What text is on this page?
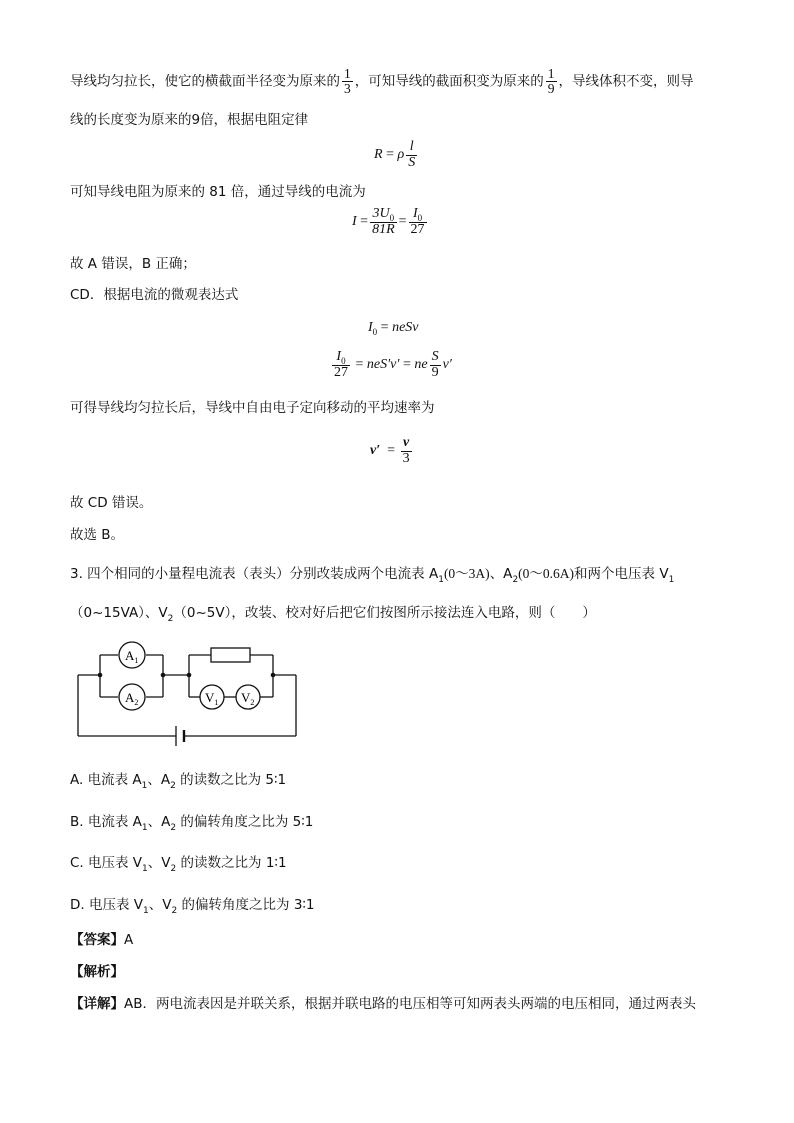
导线均匀拉长，使它的横截面半径变为原来的 $\frac{1}{3}$ ，可知导线的截面积变为原来的 $\frac{1}{9}$ ，导线体积不变，则导
线的长度变为原来的9倍，根据电阻定律
R
=
ρ $\frac{l}{S}$
可知导线电阻为原来的 81 倍，通过导线的电流为
I
= $\frac{3U_0}{81R} = \frac{I_0}{27}$
故 A 错误，B 正确；
CD．根据电流的微观表达式
I 0
=
neSv
$\frac{I_0}{27}$
=
neS′v′
=
ne $\frac{S}{9} v'$
可得导线均匀拉长后，导线中自由电子定向移动的平均速率为
v′
=
$\frac{v}{3}$
故 CD 错误。
故选 B。
3. 四个相同的小量程电流表（表头）分别改装成两个电流表 $A_1(0\sim 3A)$、$A_2(0\sim 0.6A)$和两个电压表 $V_1$
（0~15VA）、$V_2(0\sim 5V)$，改装、校对好后把它们按图所示接法连入电路，则（　　）
$A_1$
$A_2$	$V_1$ $V_2$
A. 电流表 $A_1$、$A_2$ 的读数之比为 5∶1
B. 电流表 $A_1$、$A_2$ 的偏转角度之比为 5∶1
C. 电压表 $V_1$、$V_2$ 的读数之比为 1∶1
D. 电压表 $V_1$、$V_2$ 的偏转角度之比为 3∶1
【答案】A
【解析】
【详解】AB．两电流表因是并联关系，根据并联电路的电压相等可知两表头两端的电压相同，通过两表头
